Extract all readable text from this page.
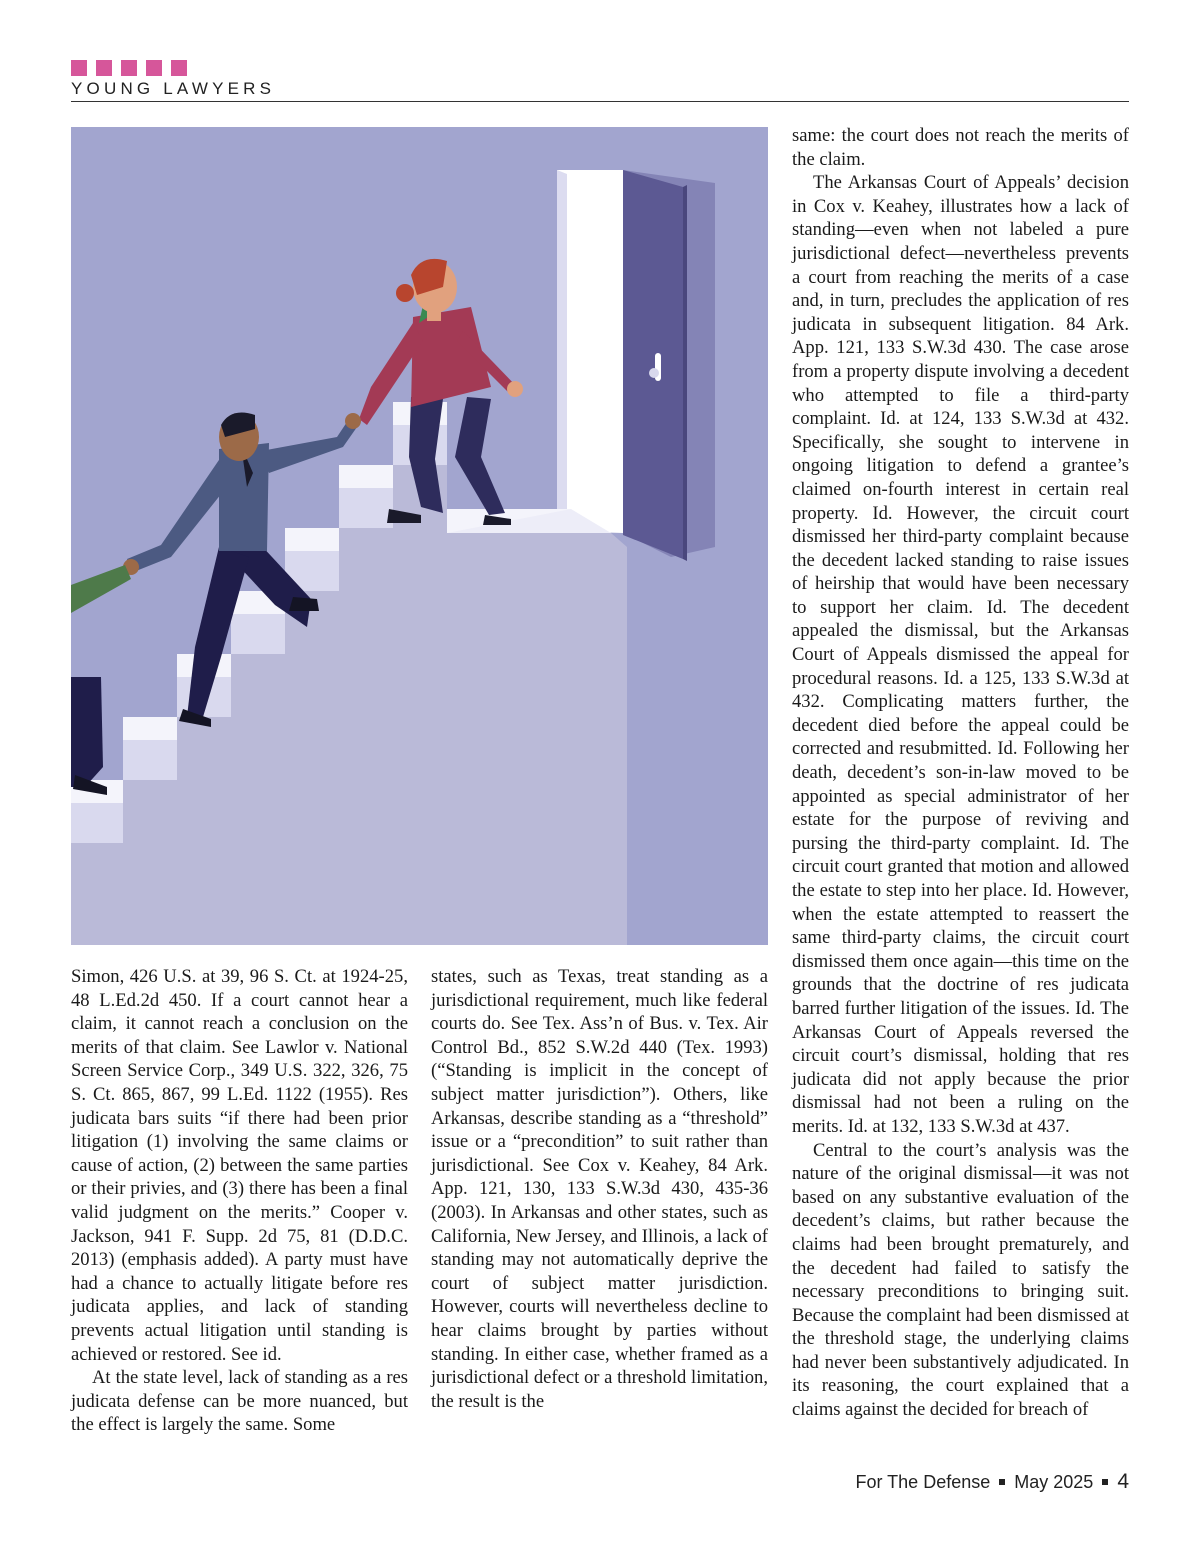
YOUNG LAWYERS

Simon, 426 U.S. at 39, 96 S. Ct. at 1924-25, 48 L.Ed.2d 450. If a court cannot hear a claim, it cannot reach a conclusion on the merits of that claim. See Lawlor v. National Screen Service Corp., 349 U.S. 322, 326, 75 S. Ct. 865, 867, 99 L.Ed. 1122 (1955). Res judicata bars suits “if there had been prior litigation (1) involving the same claims or cause of action, (2) between the same parties or their privies, and (3) there has been a final valid judgment on the merits.” Cooper v. Jackson, 941 F. Supp. 2d 75, 81 (D.D.C. 2013) (emphasis added). A party must have had a chance to actually litigate before res judicata applies, and lack of standing prevents actual litigation until standing is achieved or restored. See id.

At the state level, lack of standing as a res judicata defense can be more nuanced, but the effect is largely the same. Some

states, such as Texas, treat standing as a jurisdictional requirement, much like federal courts do. See Tex. Ass’n of Bus. v. Tex. Air Control Bd., 852 S.W.2d 440 (Tex. 1993) (“Standing is implicit in the concept of subject matter jurisdiction”). Others, like Arkansas, describe standing as a “threshold” issue or a “precondition” to suit rather than jurisdictional. See Cox v. Keahey, 84 Ark. App. 121, 130, 133 S.W.3d 430, 435-36 (2003). In Arkansas and other states, such as California, New Jersey, and Illinois, a lack of standing may not automatically deprive the court of subject matter jurisdiction. However, courts will nevertheless decline to hear claims brought by parties without standing. In either case, whether framed as a jurisdictional defect or a threshold limitation, the result is the

same: the court does not reach the merits of the claim.

The Arkansas Court of Appeals’ decision in Cox v. Keahey, illustrates how a lack of standing—even when not labeled a pure jurisdictional defect—nevertheless prevents a court from reaching the merits of a case and, in turn, precludes the application of res judicata in subsequent litigation. 84 Ark. App. 121, 133 S.W.3d 430. The case arose from a property dispute involving a decedent who attempted to file a third-party complaint. Id. at 124, 133 S.W.3d at 432. Specifically, she sought to intervene in ongoing litigation to defend a grantee’s claimed on-fourth interest in certain real property. Id. However, the circuit court dismissed her third-party complaint because the decedent lacked standing to raise issues of heirship that would have been necessary to support her claim. Id. The decedent appealed the dismissal, but the Arkansas Court of Appeals dismissed the appeal for procedural reasons. Id. a 125, 133 S.W.3d at 432. Complicating matters further, the decedent died before the appeal could be corrected and resubmitted. Id. Following her death, decedent’s son-in-law moved to be appointed as special administrator of her estate for the purpose of reviving and pursing the third-party complaint. Id. The circuit court granted that motion and allowed the estate to step into her place. Id. However, when the estate attempted to reassert the same third-party claims, the circuit court dismissed them once again—this time on the grounds that the doctrine of res judicata barred further litigation of the issues. Id. The Arkansas Court of Appeals reversed the circuit court’s dismissal, holding that res judicata did not apply because the prior dismissal had not been a ruling on the merits. Id. at 132, 133 S.W.3d at 437.

Central to the court’s analysis was the nature of the original dismissal—it was not based on any substantive evaluation of the decedent’s claims, but rather because the claims had been brought prematurely, and the decedent had failed to satisfy the necessary preconditions to bringing suit. Because the complaint had been dismissed at the threshold stage, the underlying claims had never been substantively adjudicated. In its reasoning, the court explained that a claims against the decided for breach of

For The Defense May 2025 4
